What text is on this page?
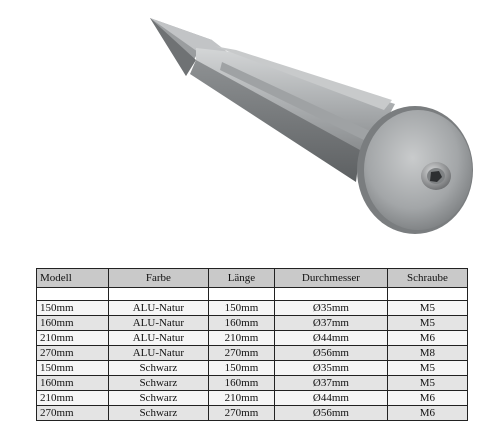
Modell	Farbe	Länge	Durchmesser	Schraube

150mm	ALU-Natur	150mm	Ø35mm	M5
160mm	ALU-Natur	160mm	Ø37mm	M5
210mm	ALU-Natur	210mm	Ø44mm	M6
270mm	ALU-Natur	270mm	Ø56mm	M8
150mm	Schwarz	150mm	Ø35mm	M5
160mm	Schwarz	160mm	Ø37mm	M5
210mm	Schwarz	210mm	Ø44mm	M6
270mm	Schwarz	270mm	Ø56mm	M6
